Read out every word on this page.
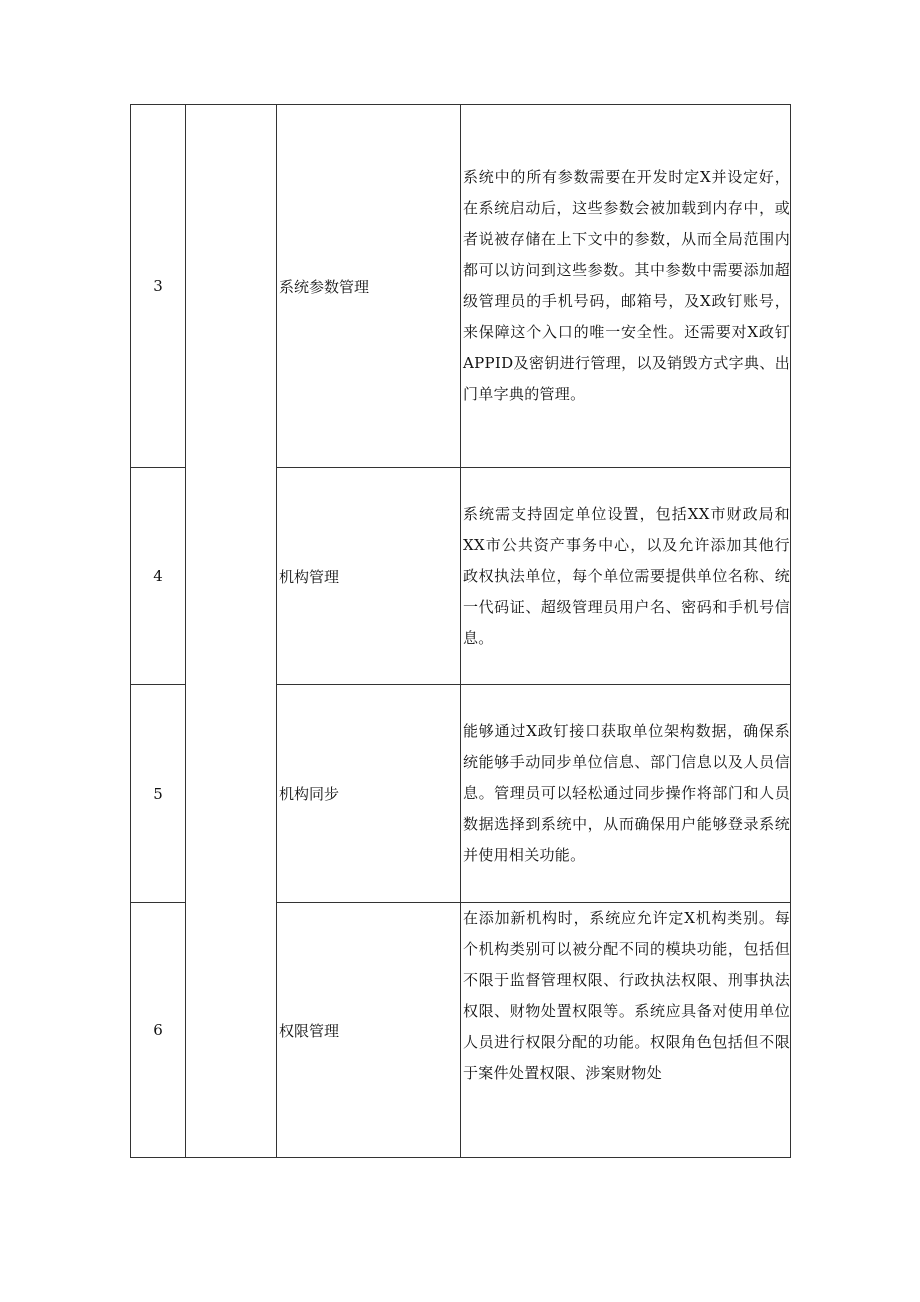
3		系统参数管理	系统中的所有参数需要在开发时定X并设定好，在系统启动后，这些参数会被加载到内存中，或者说被存储在上下文中的参数，从而全局范围内都可以访问到这些参数。其中参数中需要添加超级管理员的手机号码，邮箱号，及X政钉账号，来保障这个入口的唯一安全性。还需要对X政钉APPID及密钥进行管理，以及销毁方式字典、出门单字典的管理。

4		机构管理	系统需支持固定单位设置，包括XX市财政局和XX市公共资产事务中心，以及允许添加其他行政权执法单位，每个单位需要提供单位名称、统一代码证、超级管理员用户名、密码和手机号信息。

5		机构同步	能够通过X政钉接口获取单位架构数据，确保系统能够手动同步单位信息、部门信息以及人员信息。管理员可以轻松通过同步操作将部门和人员数据选择到系统中，从而确保用户能够登录系统并使用相关功能。

6		权限管理	在添加新机构时，系统应允许定X机构类别。每个机构类别可以被分配不同的模块功能，包括但不限于监督管理权限、行政执法权限、刑事执法权限、财物处置权限等。系统应具备对使用单位人员进行权限分配的功能。权限角色包括但不限于案件处置权限、涉案财物处
